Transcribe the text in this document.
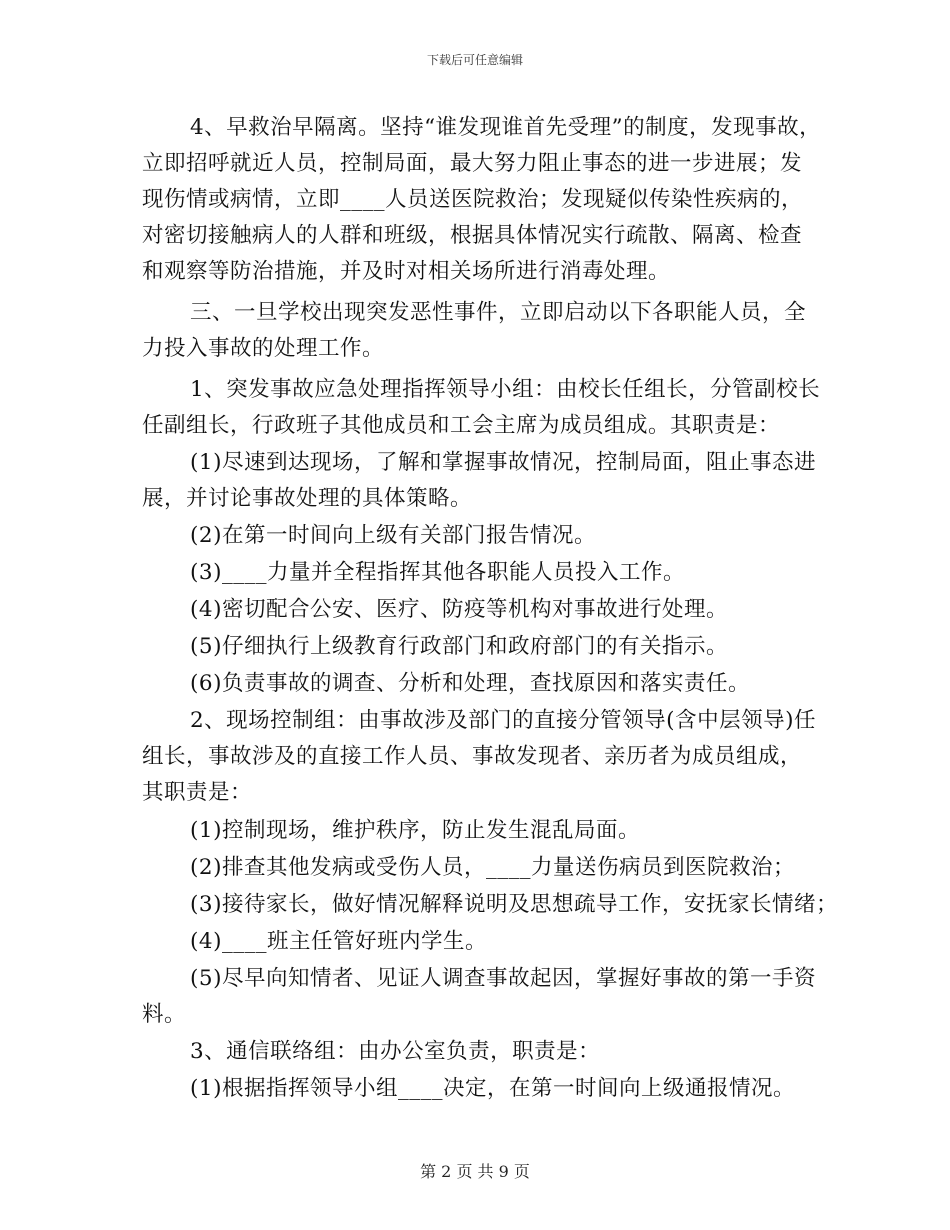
下载后可任意编辑
4、早救治早隔离。坚持“谁发现谁首先受理”的制度，发现事故，
立即招呼就近人员，控制局面，最大努力阻止事态的进一步进展；发
现伤情或病情，立即____人员送医院救治；发现疑似传染性疾病的，
对密切接触病人的人群和班级，根据具体情况实行疏散、隔离、检查
和观察等防治措施，并及时对相关场所进行消毒处理。
三、一旦学校出现突发恶性事件，立即启动以下各职能人员，全
力投入事故的处理工作。
1、突发事故应急处理指挥领导小组：由校长任组长，分管副校长
任副组长，行政班子其他成员和工会主席为成员组成。其职责是：
(1)尽速到达现场，了解和掌握事故情况，控制局面，阻止事态进
展，并讨论事故处理的具体策略。
(2)在第一时间向上级有关部门报告情况。
(3)____力量并全程指挥其他各职能人员投入工作。
(4)密切配合公安、医疗、防疫等机构对事故进行处理。
(5)仔细执行上级教育行政部门和政府部门的有关指示。
(6)负责事故的调查、分析和处理，查找原因和落实责任。
2、现场控制组：由事故涉及部门的直接分管领导(含中层领导)任
组长，事故涉及的直接工作人员、事故发现者、亲历者为成员组成，
其职责是：
(1)控制现场，维护秩序，防止发生混乱局面。
(2)排查其他发病或受伤人员，____力量送伤病员到医院救治；
(3)接待家长，做好情况解释说明及思想疏导工作，安抚家长情绪；
(4)____班主任管好班内学生。
(5)尽早向知情者、见证人调查事故起因，掌握好事故的第一手资
料。
3、通信联络组：由办公室负责，职责是：
(1)根据指挥领导小组____决定，在第一时间向上级通报情况。
第 2 页 共 9 页
